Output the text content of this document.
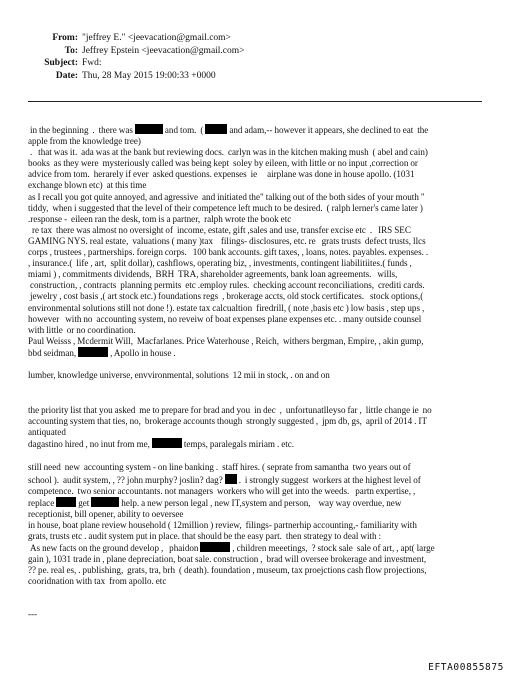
From: "jeffrey E." <jeevacation@gmail.com>
To: Jeffrey Epstein <jeevacation@gmail.com>
Subject: Fwd:
Date: Thu, 28 May 2015 19:00:33 +0000

in the beginning  .  there was	and tom.  (	and adam,-- however it appears, she declined to eat  the
apple from the knowledge tree)
.   that was it.  ada was at the bank but reviewing docs.  carlyn was in the kitchen making mush  ( abel and cain)
books  as they were  mysteriously called was being kept  soley by eileen, with little or no input ,correction or
advice from tom.  herarely if ever  asked questions. expenses  ie     airplane was done in house apollo. (1031
exchange blown etc)  at this time
as I recall you got quite annoyed, and agressive  and initiated the" talking out of the both sides of your mouth "
tiddy,  when i suggested that the level of their competence left much to be desired.  ( ralph lerner's came later )
.response -  eileen ran the desk, tom is a partner,  ralph wrote the book etc
re tax  there was almost no oversight of  income, estate, gift ,sales and use, transfer excise etc  .   IRS SEC
GAMING NYS. real estate,  valuations ( many )tax    filings- disclosures, etc. re   grats trusts  defect trusts, llcs
corps , trustees , partnerships. foreign corps.   100 bank accounts. gift taxes, , loans, notes. payables. expenses. .
, insurance.(  life , art,  split dollar), cashflows, operating biz, , investments, contingent liabilitiites.( funds ,
miami ) , commitments dividends,  BRH  TRA, shareholder agreements, bank loan agreements.   wills,
construction, , contracts  planning permits  etc .employ rules.  checking account reconciliations,  crediti cards.
jewelry , cost basis ,( art stock etc.) foundations regs  , brokerage accts, old stock certificates.   stock options,(
environmental solutions still not done !). estate tax calcualtion  firedrill, ( note ,basis etc ) low basis , step ups ,
however   with no  accounting system, no reveiw of boat expenses plane expenses etc. . many outside counsel
with little  or no coordination.
Paul Weisss , Mcdermit Will,  Macfarlanes. Price Waterhouse , Reich,  withers bergman, Empire, , akin gump,
bbd seidman,	, Apollo in house .

lumber, knowledge universe, envvironmental, solutions  12 mii in stock, . on and on

the priority list that you asked  me to prepare for brad and you  in dec  ,  unfortunatlleyso far ,  little change ie  no
accounting system that ties, no,  brokerage accounts though  strongly suggested ,  jpm db, gs,  april of 2014 . IT
antiquated
dagastino hired , no inut from me,	temps, paralegals miriam . etc.

still need  new  accounting system - on line banking .  staff hires. ( seprate from samantha  two years out of
school ).  audit system, , ?? john murphy? joslin? dag?  .  i strongly suggest  workers at the highest level of
competence.  two senior accountants. not managers  workers who will get into the weeds.   partn expertise, ,
replace  get	help. a new person legal , new IT,system and person,    way way overdue, new
receptionist, bill opener, ability to oeversee
in house, boat plane review household ( 12million ) review,  filings- partnerhip accounting,- familiarity with
grats, trusts etc . audit system put in place. that should be the easy part.  then strategy to deal with :
As new facts on the ground develop ,   phaidon	, children meeetings,  ? stock sale  sale of art, , apt( large
gain ), 1031 trade in , plane depreciation, boat sale. construction ,  brad will oversee brokerage and investment,
?? pe. real es, . publishing,  grats, tra, brh  ( death). foundation , museum, tax proejctions cash flow projections,
cooridnation with tax  from apollo. etc

---

EFTA00855875
